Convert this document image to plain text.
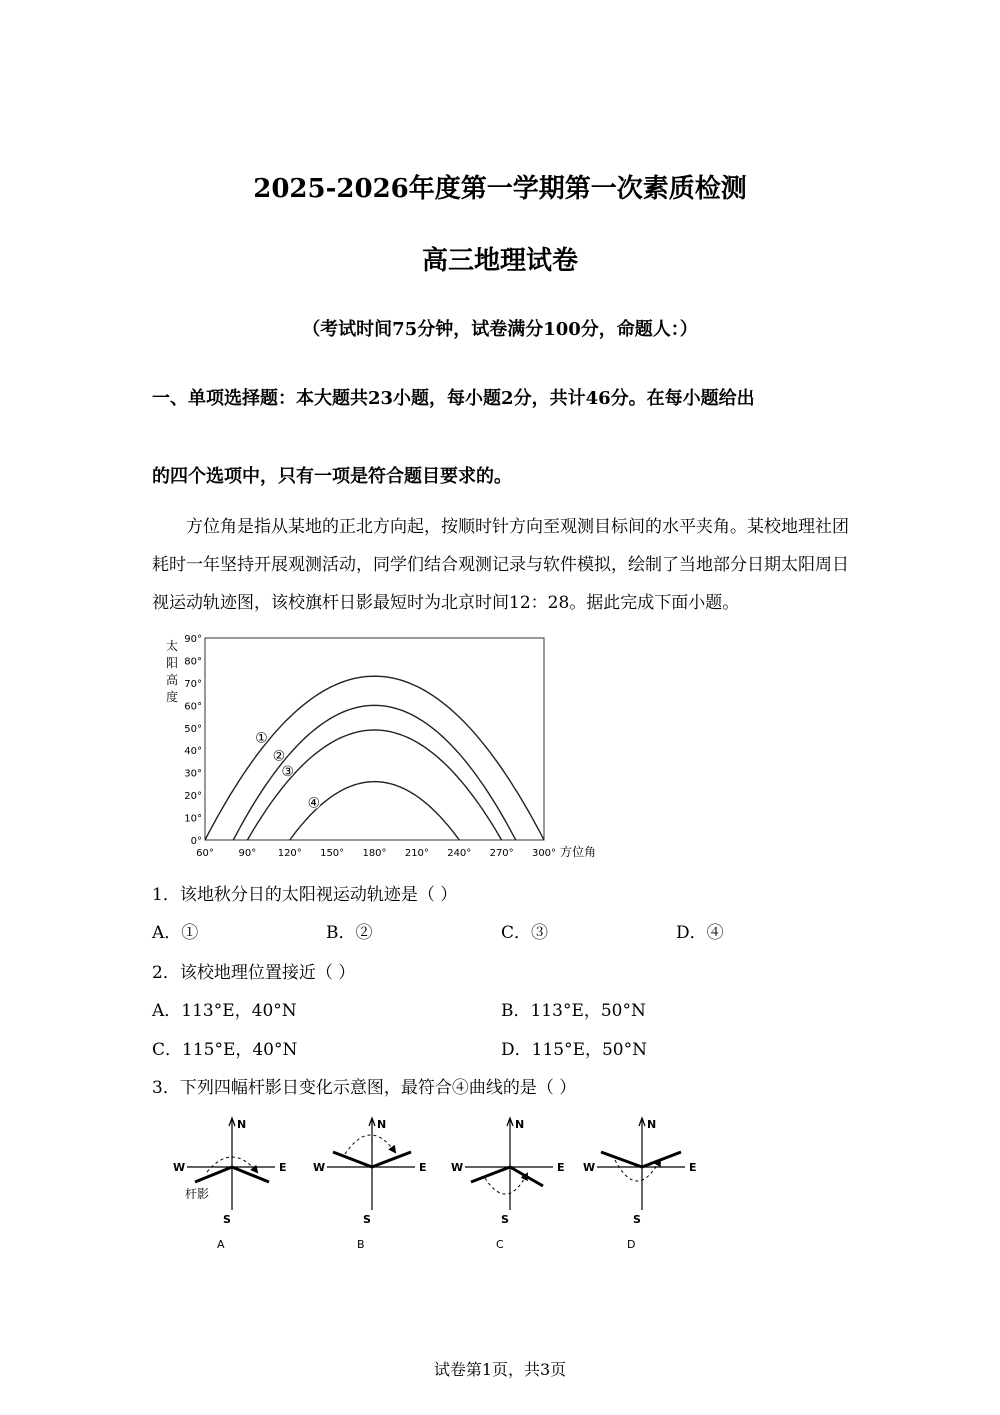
2025-2026年度第一学期第一次素质检测
高三地理试卷
（考试时间75分钟，试卷满分100分，命题人：）
一、单项选择题：本大题共23小题，每小题2分，共计46分。在每小题给出
的四个选项中，只有一项是符合题目要求的。
方位角是指从某地的正北方向起，按顺时针方向至观测目标间的水平夹角。某校地理社团耗时一年坚持开展观测活动，同学们结合观测记录与软件模拟，绘制了当地部分日期太阳周日视运动轨迹图，该校旗杆日影最短时为北京时间12：28。据此完成下面小题。
0°
10°
20°
30°
40°
50°
60°
70°
80°
90°
60° 90° 120° 150° 180° 210° 240° 270° 300° 方位角
太
阳
高
度
①
②
③
④
1．该地秋分日的太阳视运动轨迹是（ ）
A．①	B．②	C．③	D．④
2．该校地理位置接近（ ）
A．113°E，40°N	B．113°E，50°N
C．115°E，40°N	D．115°E，50°N
3．下列四幅杆影日变化示意图，最符合④曲线的是（ ）
N
W	E
S
杆影
A
N
W	E
S
B
N
W	E
S
C
N
W	E
S
D
试卷第1页，共3页
